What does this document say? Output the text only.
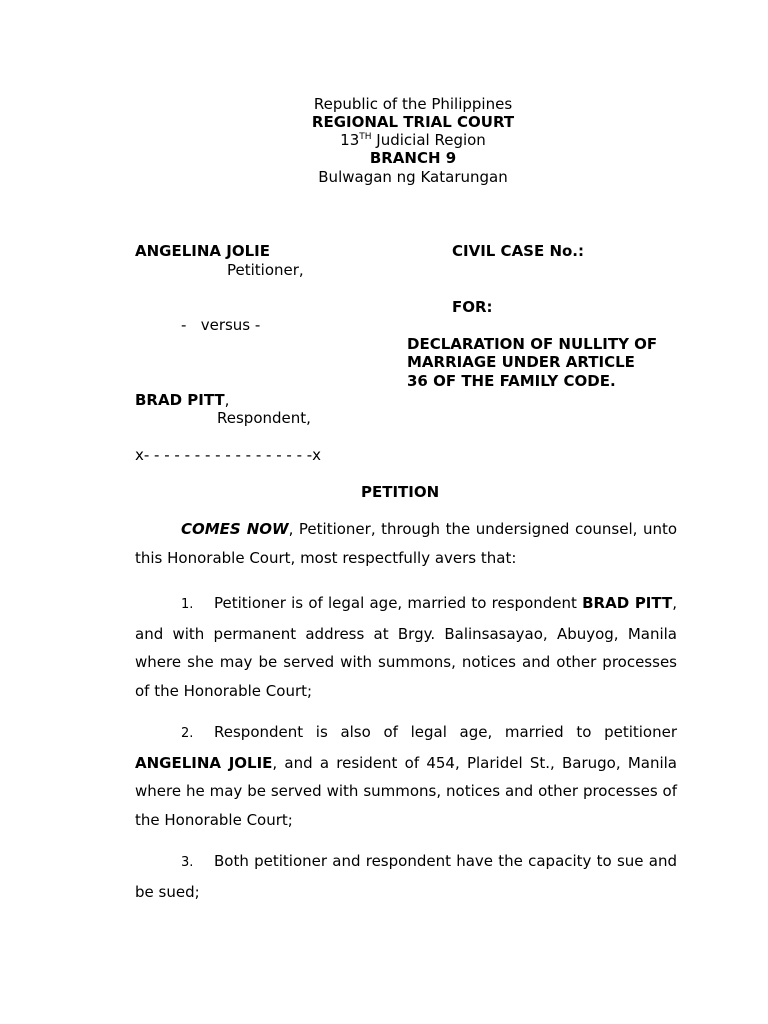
Republic of the Philippines
REGIONAL TRIAL COURT
13TH Judicial Region
BRANCH 9
Bulwagan ng Katarungan
ANGELINA JOLIE
Petitioner,
-   versus -
BRAD PITT,
Respondent,
x- - - - - - - - - - - - - - - - -x
CIVIL CASE No.:
FOR:
DECLARATION OF NULLITY OF
MARRIAGE UNDER ARTICLE
36 OF THE FAMILY CODE.
PETITION
COMES NOW, Petitioner, through the undersigned counsel, unto this Honorable Court, most respectfully avers that:
1. Petitioner is of legal age, married to respondent BRAD PITT, and with permanent address at Brgy. Balinsasayao, Abuyog, Manila where she may be served with summons, notices and other processes of the Honorable Court;
2. Respondent is also of legal age, married to petitioner ANGELINA JOLIE, and a resident of 454, Plaridel St., Barugo, Manila where he may be served with summons, notices and other processes of the Honorable Court;
3. Both petitioner and respondent have the capacity to sue and be sued;
